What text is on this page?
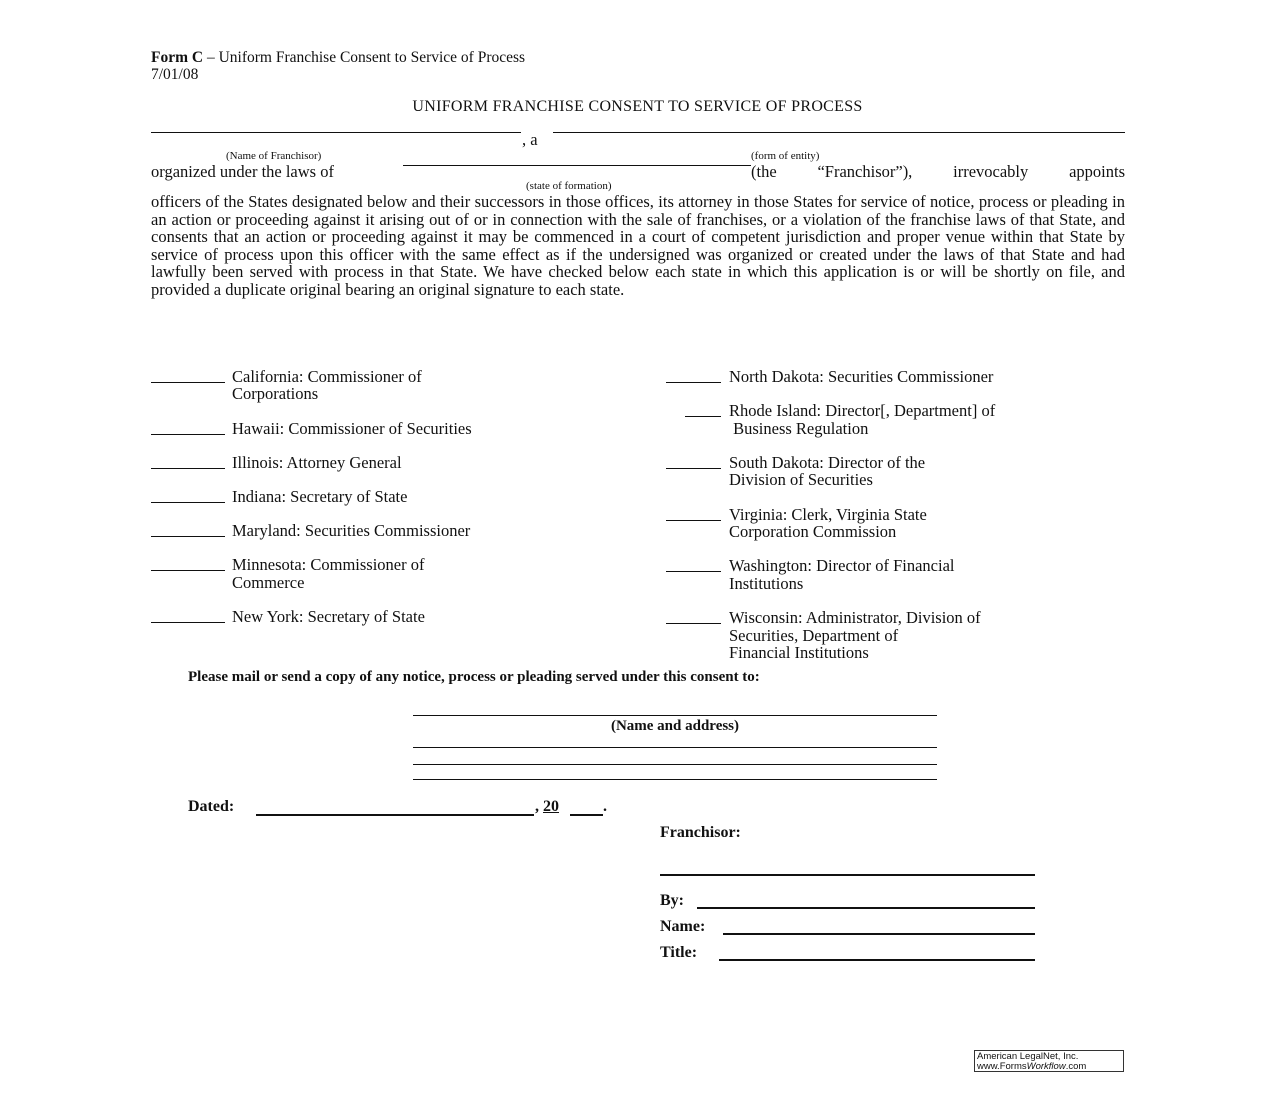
Form C – Uniform Franchise Consent to Service of Process
7/01/08
UNIFORM FRANCHISE CONSENT TO SERVICE OF PROCESS
, a
(Name of Franchisor)	(form of entity)
organized under the laws of	(the “Franchisor”), irrevocably appoints
(state of formation)
officers of the States designated below and their successors in those offices, its attorney in those States for service of notice, process or pleading in an action or proceeding against it arising out of or in connection with the sale of franchises, or a violation of the franchise laws of that State, and consents that an action or proceeding against it may be commenced in a court of competent jurisdiction and proper venue within that State by service of process upon this officer with the same effect as if the undersigned was organized or created under the laws of that State and had lawfully been served with process in that State. We have checked below each state in which this application is or will be shortly on file, and provided a duplicate original bearing an original signature to each state.
California: Commissioner of
Corporations
Hawaii: Commissioner of Securities
Illinois: Attorney General
Indiana: Secretary of State
Maryland: Securities Commissioner
Minnesota: Commissioner of
Commerce
New York: Secretary of State
North Dakota: Securities Commissioner
Rhode Island: Director[, Department] of
Business Regulation
South Dakota: Director of the
Division of Securities
Virginia: Clerk, Virginia State
Corporation Commission
Washington: Director of Financial
Institutions
Wisconsin: Administrator, Division of
Securities, Department of
Financial Institutions
Please mail or send a copy of any notice, process or pleading served under this consent to:
(Name and address)
Dated:	, 20	.
Franchisor:
By:
Name:
Title:
American LegalNet, Inc.
www.FormsWorkflow.com
